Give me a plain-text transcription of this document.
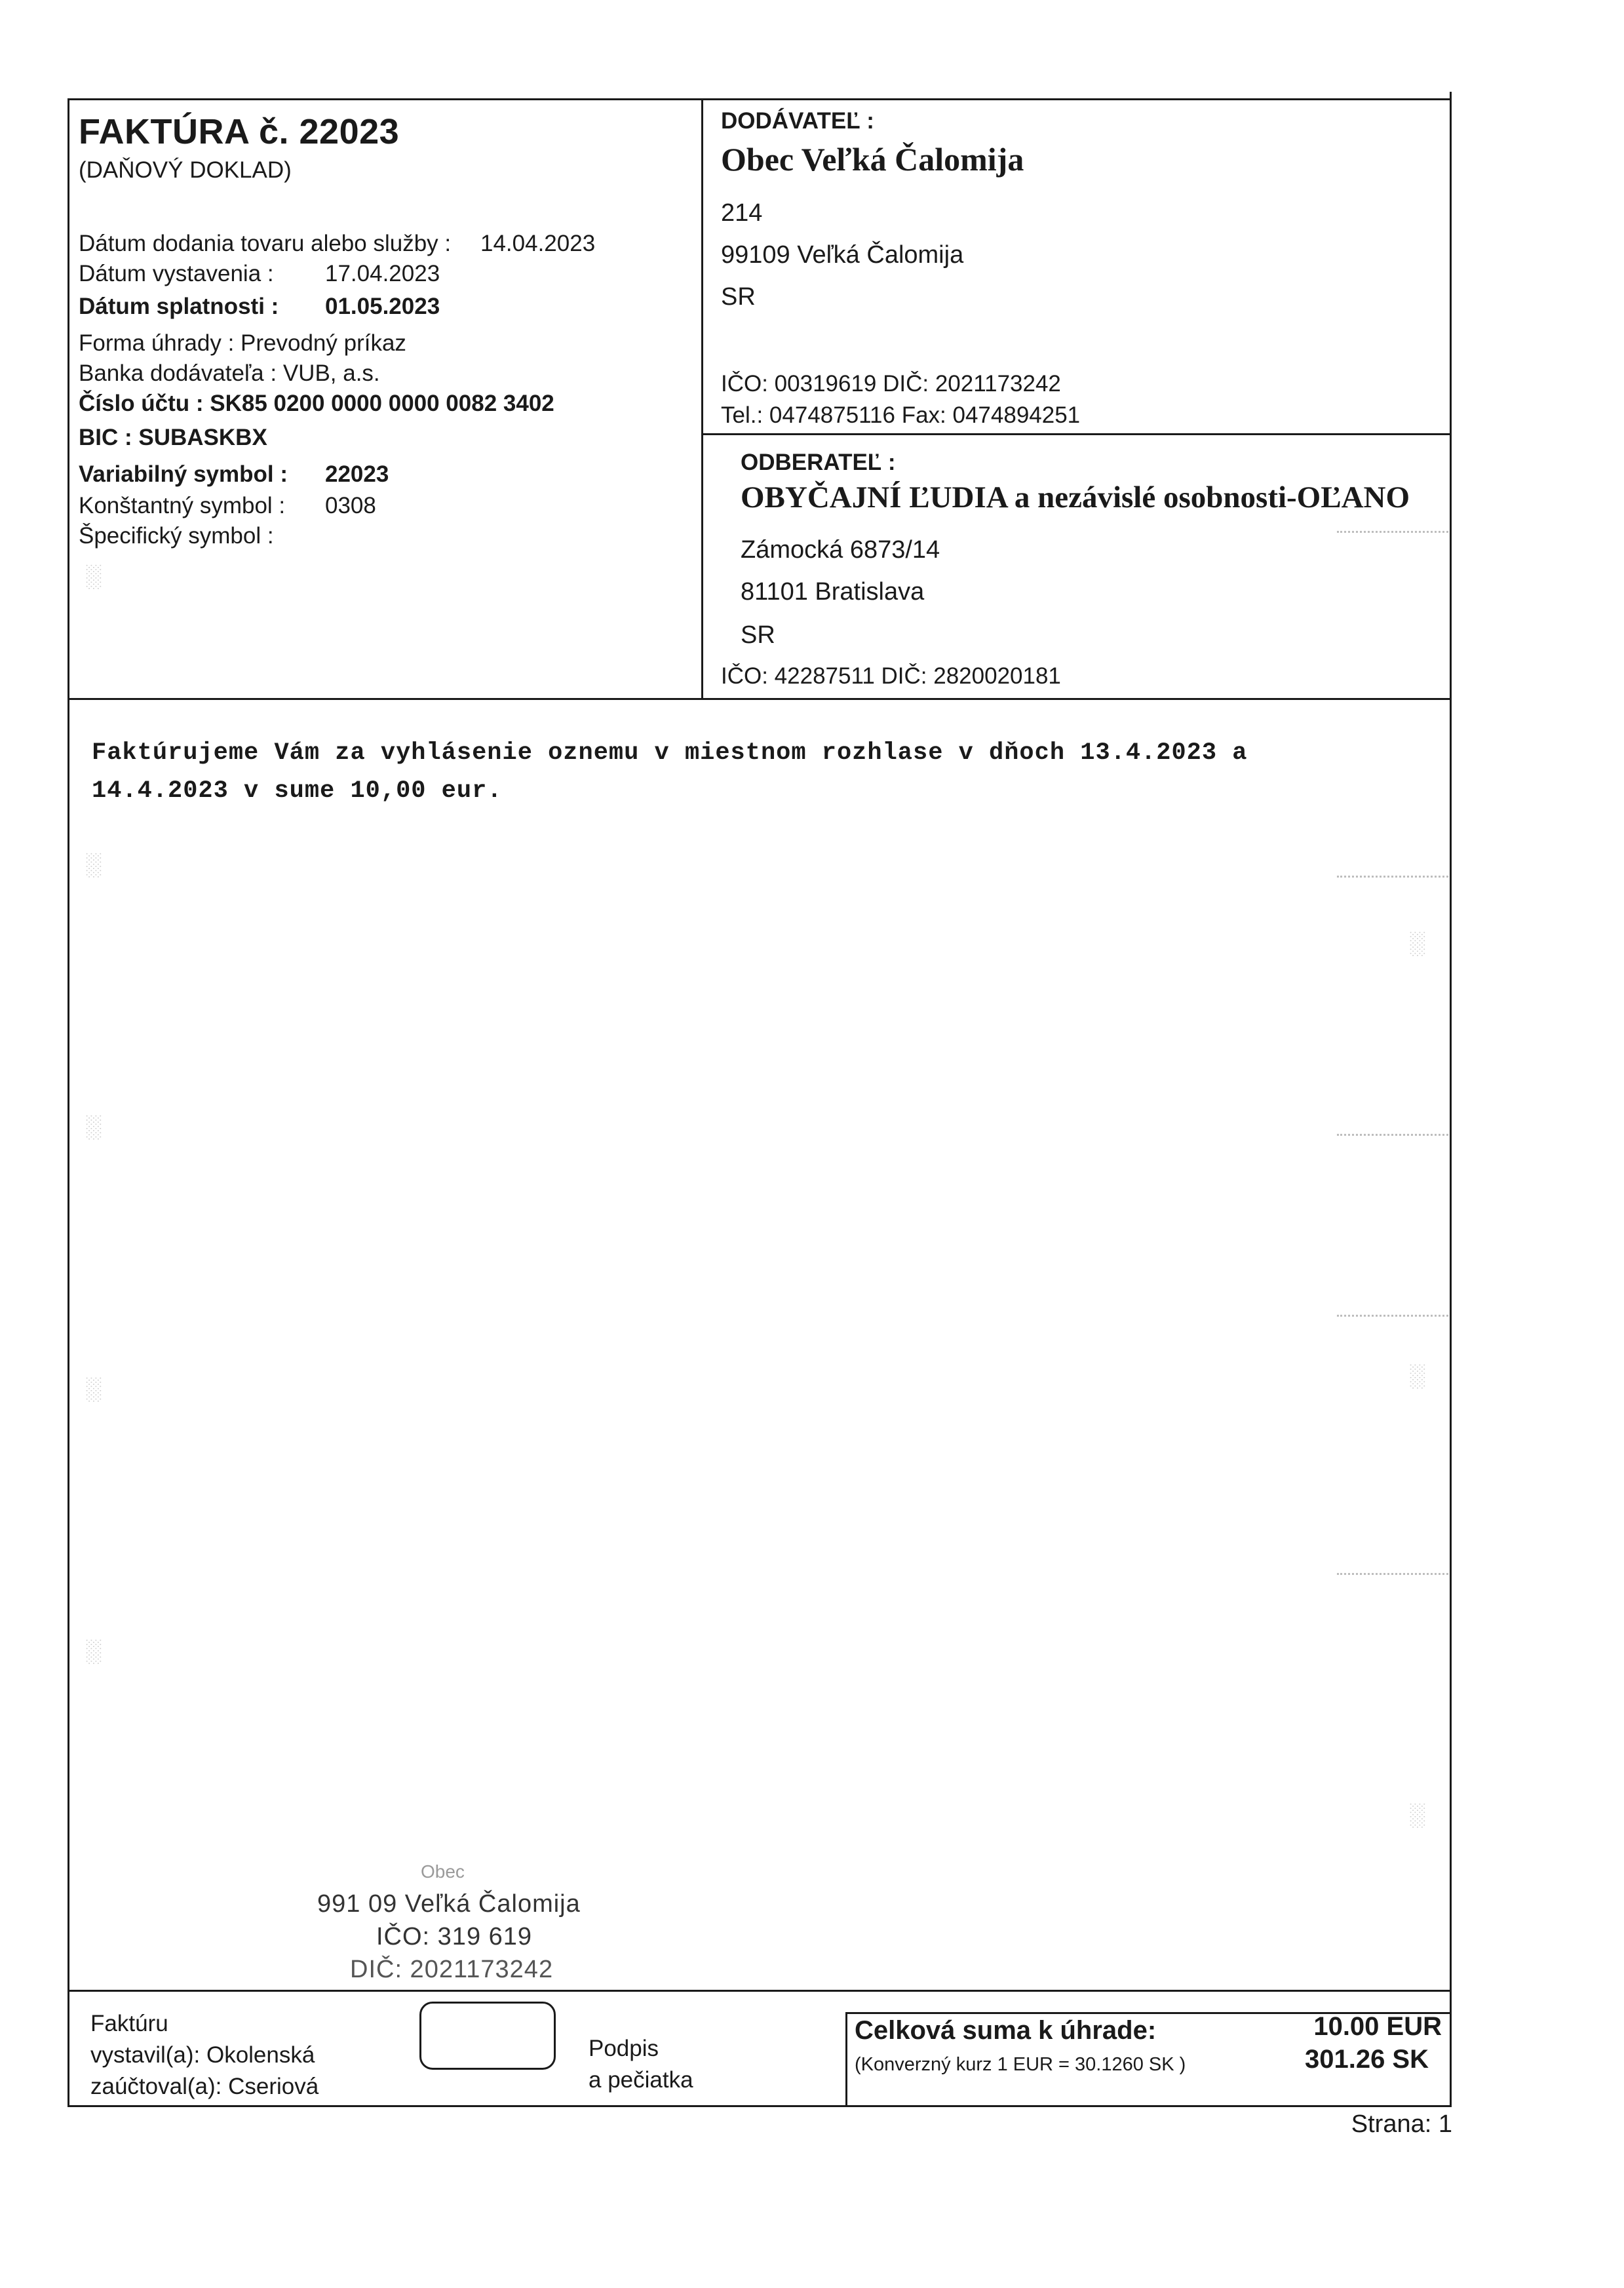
FAKTÚRA č. 22023
(DAŇOVÝ DOKLAD)
Dátum dodania tovaru alebo služby : 14.04.2023
Dátum vystavenia : 17.04.2023
Dátum splatnosti : 01.05.2023
Forma úhrady : Prevodný príkaz
Banka dodávateľa : VUB, a.s.
Číslo účtu : SK85 0200 0000 0000 0082 3402
BIC : SUBASKBX
Variabilný symbol : 22023
Konštantný symbol : 0308
Špecifický symbol :
DODÁVATEĽ :
Obec Veľká Čalomija
214
99109 Veľká Čalomija
SR
IČO: 00319619 DIČ: 2021173242
Tel.: 0474875116 Fax: 0474894251
ODBERATEĽ :
OBYČAJNÍ ĽUDIA a nezávislé osobnosti-OĽANO
Zámocká 6873/14
81101 Bratislava
SR
IČO: 42287511 DIČ: 2820020181
Faktúrujeme Vám za vyhlásenie oznemu v miestnom rozhlase v dňoch 13.4.2023 a
14.4.2023 v sume 10,00 eur.
Obec
991 09 Veľká Čalomija
IČO: 319 619
DIČ: 2021173242
Faktúru
vystavil(a): Okolenská
zaúčtoval(a): Cseriová
Podpis
a pečiatka
Celková suma k úhrade:
(Konverzný kurz 1 EUR = 30.1260 SK )
10.00 EUR
301.26 SK
Strana: 1
░
░
░
░
░
░
░
░
